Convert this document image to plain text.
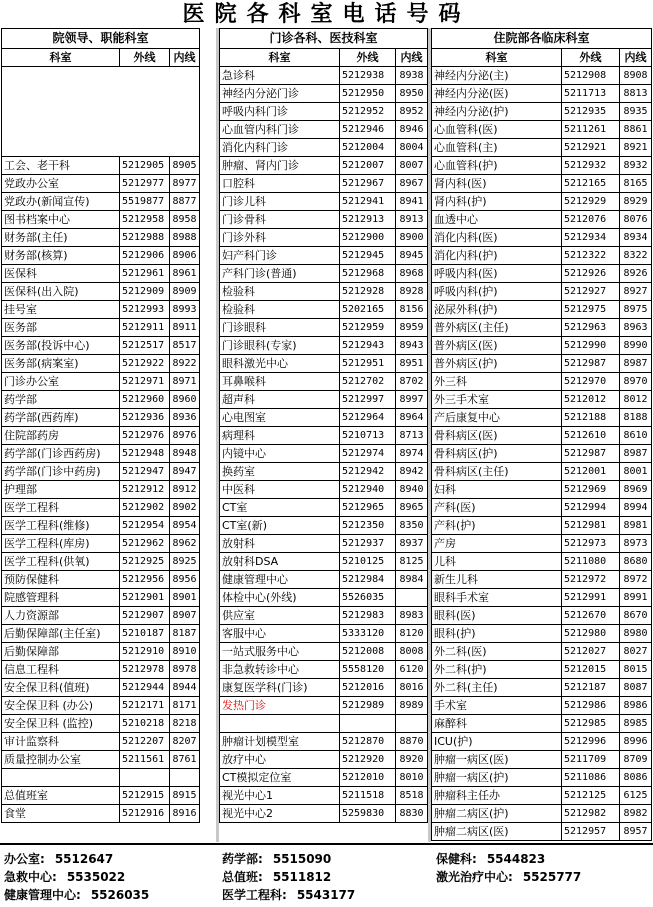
医院各科室电话号码
院领导、职能科室		
科室	外线	内线

工会、老干科	5212905	8905
党政办公室	5212977	8977
党政办(新闻宣传)	5519877	8877
图书档案中心	5212958	8958
财务部(主任)	5212988	8988
财务部(核算)	5212906	8906
医保科	5212961	8961
医保科(出入院)	5212909	8909
挂号室	5212993	8993
医务部	5212911	8911
医务部(投诉中心)	5212517	8517
医务部(病案室)	5212922	8922
门诊办公室	5212971	8971
药学部	5212960	8960
药学部(西药库)	5212936	8936
住院部药房	5212976	8976
药学部(门诊西药房)	5212948	8948
药学部(门诊中药房)	5212947	8947
护理部	5212912	8912
医学工程科	5212902	8902
医学工程科(维修)	5212954	8954
医学工程科(库房)	5212962	8962
医学工程科(供氧)	5212925	8925
预防保健科	5212956	8956
院感管理科	5212901	8901
人力资源部	5212907	8907
后勤保障部(主任室)	5210187	8187
后勤保障部	5212910	8910
信息工程科	5212978	8978
安全保卫科(值班)	5212944	8944
安全保卫科 (办公)	5212171	8171
安全保卫科 (监控)	5210218	8218
审计监察科	5212207	8207
质量控制办公室	5211561	8761

总值班室	5212915	8915
食堂	5212916	8916
门诊各科、医技科室		
科室	外线	内线
急诊科	5212938	8938
神经内分泌门诊	5212950	8950
呼吸内科门诊	5212952	8952
心血管内科门诊	5212946	8946
消化内科门诊	5212004	8004
肿瘤、肾内门诊	5212007	8007
口腔科	5212967	8967
门诊儿科	5212941	8941
门诊骨科	5212913	8913
门诊外科	5212900	8900
妇产科门诊	5212945	8945
产科门诊(普通)	5212968	8968
检验科	5212928	8928
检验科	5202165	8156
门诊眼科	5212959	8959
门诊眼科(专家)	5212943	8943
眼科激光中心	5212951	8951
耳鼻喉科	5212702	8702
超声科	5212997	8997
心电图室	5212964	8964
病理科	5210713	8713
内镜中心	5212974	8974
换药室	5212942	8942
中医科	5212940	8940
CT室	5212965	8965
CT室(新)	5212350	8350
放射科	5212937	8937
放射科DSA	5210125	8125
健康管理中心	5212984	8984
体检中心(外线)	5526035	
供应室	5212983	8983
客服中心	5333120	8120
一站式服务中心	5212008	8008
非急救转诊中心	5558120	6120
康复医学科(门诊)	5212016	8016
发热门诊	5212989	8989

肿瘤计划模型室	5212870	8870
放疗中心	5212920	8920
CT模拟定位室	5212010	8010
视光中心1	5211518	8518
视光中心2	5259830	8830
住院部各临床科室		
科室	外线	内线
神经内分泌(主)	5212908	8908
神经内分泌(医)	5211713	8813
神经内分泌(护)	5212935	8935
心血管科(医)	5211261	8861
心血管科(主)	5212921	8921
心血管科(护)	5212932	8932
肾内科(医)	5212165	8165
肾内科(护)	5212929	8929
血透中心	5212076	8076
消化内科(医)	5212934	8934
消化内科(护)	5212322	8322
呼吸内科(医)	5212926	8926
呼吸内科(护)	5212927	8927
泌尿外科(护)	5212975	8975
普外病区(主任)	5212963	8963
普外病区(医)	5212990	8990
普外病区(护)	5212987	8987
外三科	5212970	8970
外三手术室	5212012	8012
产后康复中心	5212188	8188
骨科病区(医)	5212610	8610
骨科病区(护)	5212987	8987
骨科病区(主任)	5212001	8001
妇科	5212969	8969
产科(医)	5212994	8994
产科(护)	5212981	8981
产房	5212973	8973
儿科	5211080	8680
新生儿科	5212972	8972
眼科手术室	5212991	8991
眼科(医)	5212670	8670
眼科(护)	5212980	8980
外二科(医)	5212027	8027
外二科(护)	5212015	8015
外二科(主任)	5212187	8087
手术室	5212986	8986
麻醉科	5212985	8985
ICU(护)	5212996	8996
肿瘤一病区(医)	5211709	8709
肿瘤一病区(护)	5211086	8086
肿瘤科主任办	5212125	6125
肿瘤二病区(护)	5212982	8982
肿瘤二病区(医)	5212957	8957
办公室: 5512647	药学部: 5515090	保健科: 5544823
急救中心: 5535022	总值班: 5511812	激光治疗中心: 5525777
健康管理中心: 5526035	医学工程科: 5543177
